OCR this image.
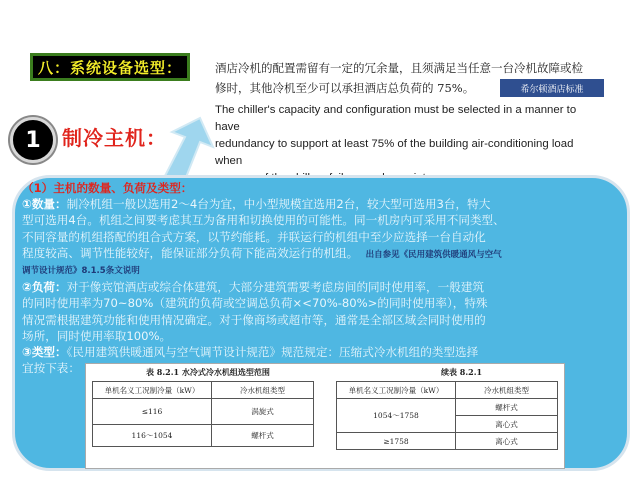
八：系统设备选型：	酒店冷机的配置需留有一定的冗余量，且须满足当任意一台冷机故障或检
修时，其他冷机至少可以承担酒店总负荷的 75%。	希尔顿酒店标准
The chiller's capacity and configuration must be selected in a manner to have
redundancy to support at least 75% of the building air-conditioning load when
1 制冷主机：
（1）主机的数量、负荷及类型：
①数量：制冷机组一般以选用2～4台为宜，中小型规模宜选用2台，较大型可选用3台，特大
型可选用4台。机组之间要考虑其互为备用和切换使用的可能性。同一机房内可采用不同类型、
不同容量的机组搭配的组合式方案，以节约能耗。并联运行的机组中至少应选择一台自动化
程度较高、调节性能较好，能保证部分负荷下能高效运行的机组。 出自参见《民用建筑供暖通风与空气
调节设计规范》8.1.5条文说明
②负荷：对于像宾馆酒店或综合体建筑，大部分建筑需要考虑房间的同时使用率，一般建筑
的同时使用率为70~80%（建筑的负荷或空调总负荷×<70%-80%>的同时使用率），特殊
情况需根据建筑功能和使用情况确定。对于像商场或超市等，通常是全部区域会同时使用的
场所，同时使用率取100%。
③类型：《民用建筑供暖通风与空气调节设计规范》规范规定：压缩式冷水机组的类型选择
宜按下表：	表 8.2.1 水冷式冷水机组选型范围
单机名义工况制冷量（kW）	冷水机组类型
≤116	涡旋式
116～1054	螺杆式
续表 8.2.1
单机名义工况制冷量（kW）	冷水机组类型
1054～1758	螺杆式
	离心式
≥1758	离心式
